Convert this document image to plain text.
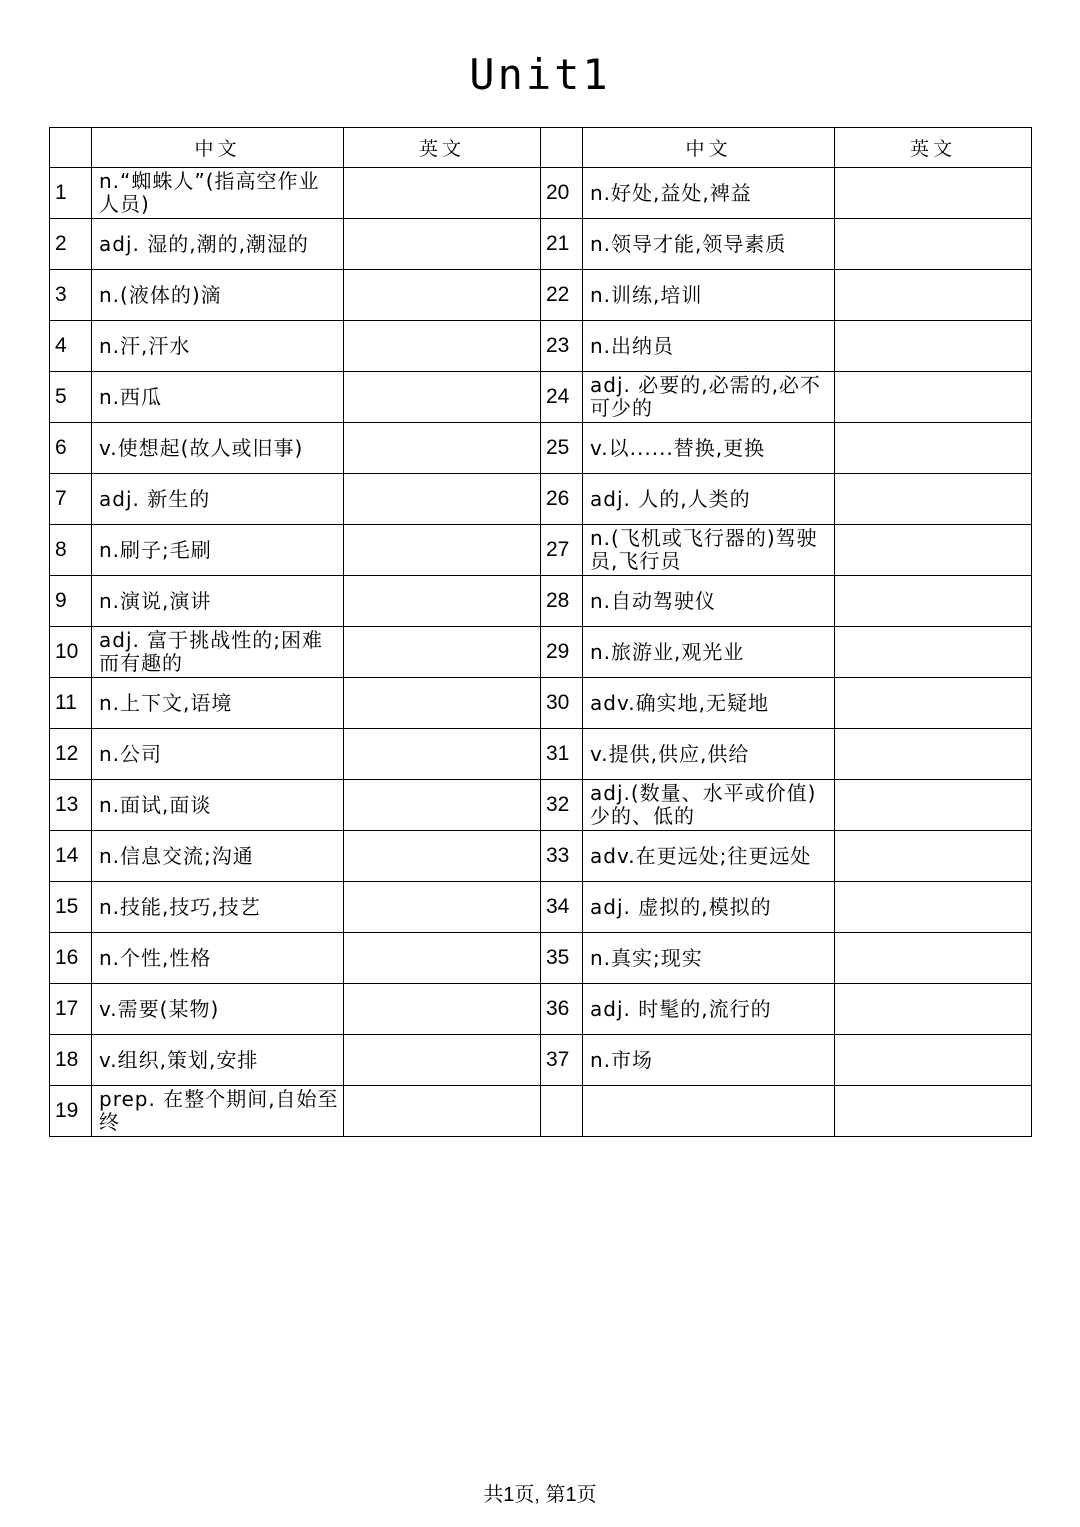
Unit1
	中文	英文		中文	英文
1	n.“蜘蛛人”(指高空作业人员)		20	n.好处,益处,裨益	
2	adj. 湿的,潮的,潮湿的		21	n.领导才能,领导素质	
3	n.(液体的)滴		22	n.训练,培训	
4	n.汗,汗水		23	n.出纳员	
5	n.西瓜		24	adj. 必要的,必需的,必不可少的	
6	v.使想起(故人或旧事)		25	v.以......替换,更换	
7	adj. 新生的		26	adj. 人的,人类的	
8	n.刷子;毛刷		27	n.(飞机或飞行器的)驾驶员,飞行员	
9	n.演说,演讲		28	n.自动驾驶仪	
10	adj. 富于挑战性的;困难而有趣的		29	n.旅游业,观光业	
11	n.上下文,语境		30	adv.确实地,无疑地	
12	n.公司		31	v.提供,供应,供给	
13	n.面试,面谈		32	adj.(数量、水平或价值)少的、低的	
14	n.信息交流;沟通		33	adv.在更远处;往更远处	
15	n.技能,技巧,技艺		34	adj. 虚拟的,模拟的	
16	n.个性,性格		35	n.真实;现实	
17	v.需要(某物)		36	adj. 时髦的,流行的	
18	v.组织,策划,安排		37	n.市场	
19	prep. 在整个期间,自始至终				
共1页, 第1页
